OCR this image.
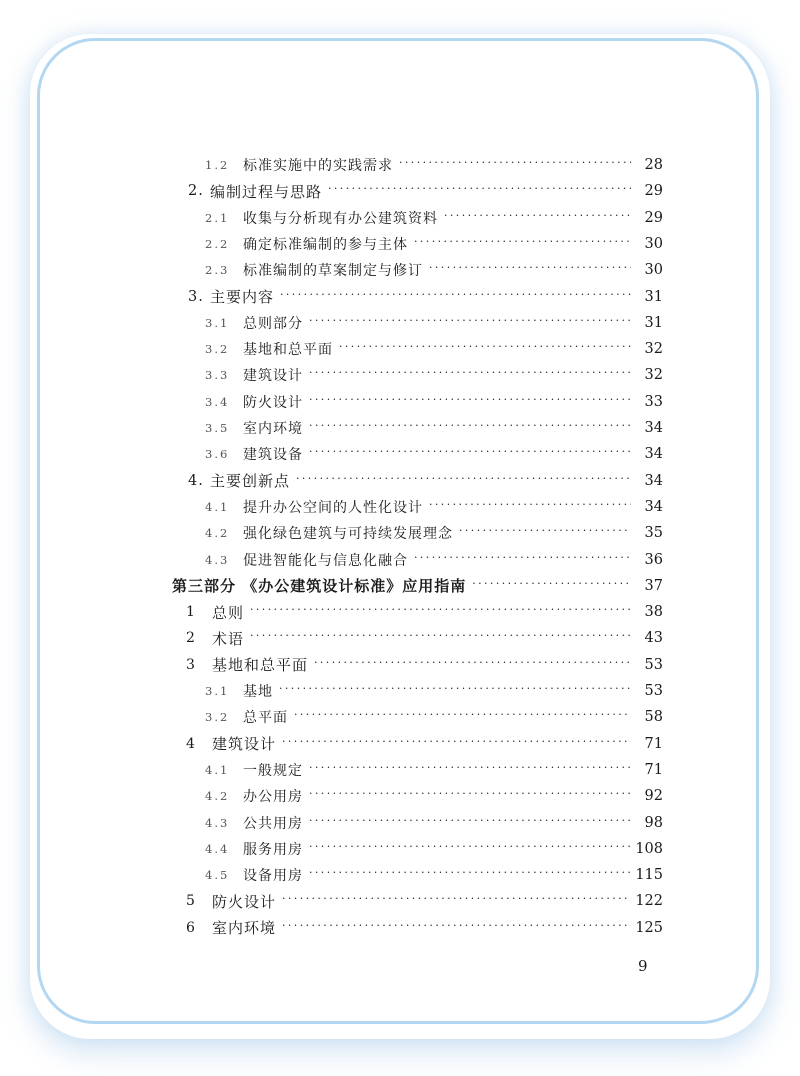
1.2 标准实施中的实践需求 ·····	28
2. 编制过程与思路 ·····	29
2.1 收集与分析现有办公建筑资料 ·····	29
2.2 确定标准编制的参与主体 ·····	30
2.3 标准编制的草案制定与修订 ·····	30
3. 主要内容 ·····	31
3.1 总则部分 ·····	31
3.2 基地和总平面 ·····	32
3.3 建筑设计 ·····	32
3.4 防火设计 ·····	33
3.5 室内环境 ·····	34
3.6 建筑设备 ·····	34
4. 主要创新点 ·····	34
4.1 提升办公空间的人性化设计 ·····	34
4.2 强化绿色建筑与可持续发展理念 ·····	35
4.3 促进智能化与信息化融合 ·····	36
第三部分 《办公建筑设计标准》应用指南 ·····	37
1	总则 ·····	38
2	术语 ·····	43
3	基地和总平面 ·····	53
3.1 基地 ·····	53
3.2 总平面 ·····	58
4	建筑设计 ·····	71
4.1 一般规定 ·····	71
4.2 办公用房 ·····	92
4.3 公共用房 ·····	98
4.4 服务用房 ·····	108
4.5 设备用房 ·····	115
5	防火设计 ·····	122
6	室内环境 ·····	125
9
